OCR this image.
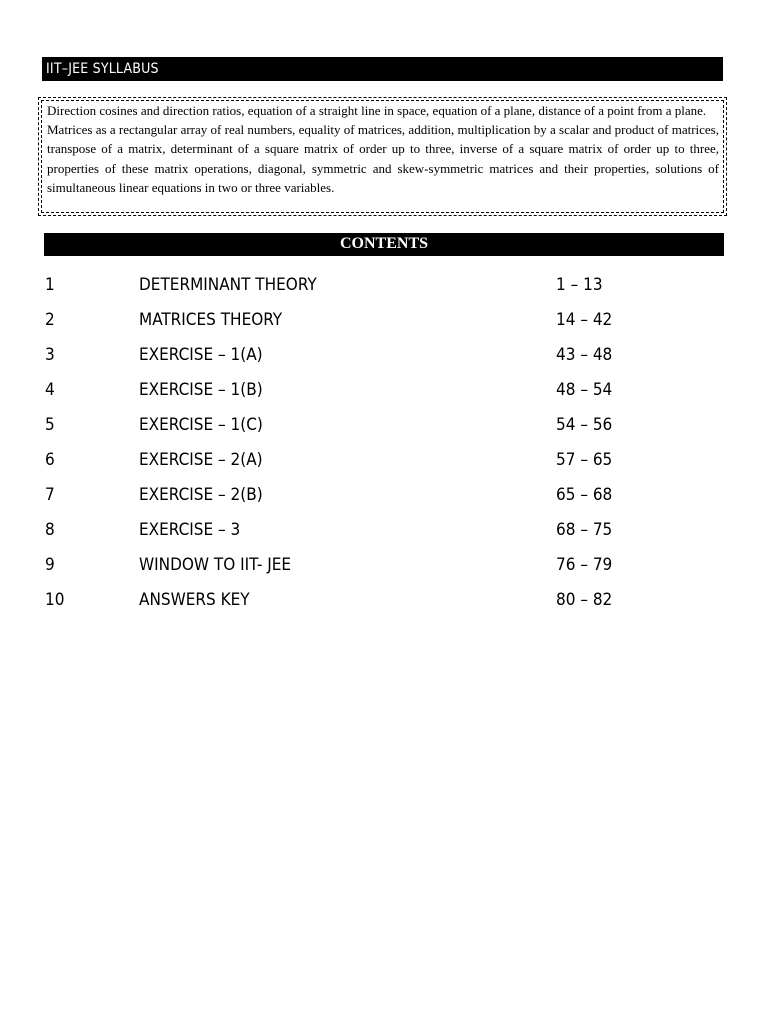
IIT–JEE SYLLABUS

Direction cosines and direction ratios, equation of a straight line in space, equation of a plane, distance of a point from a plane.

Matrices as a rectangular array of real numbers, equality of matrices, addition, multiplication by a scalar and product of matrices, transpose of a matrix, determinant of a square matrix of order up to three, inverse of a square matrix of order up to three, properties of these matrix operations, diagonal, symmetric and skew-symmetric matrices and their properties, solutions of simultaneous linear equations in two or three variables.

CONTENTS
1	DETERMINANT THEORY	1 – 13
2	MATRICES THEORY	14 – 42
3	EXERCISE – 1(A)	43 – 48
4	EXERCISE – 1(B)	48 – 54
5	EXERCISE – 1(C)	54 – 56
6	EXERCISE – 2(A)	57 – 65
7	EXERCISE – 2(B)	65 – 68
8	EXERCISE – 3	68 – 75
9	WINDOW TO IIT- JEE	76 – 79
10	ANSWERS KEY	80 – 82
